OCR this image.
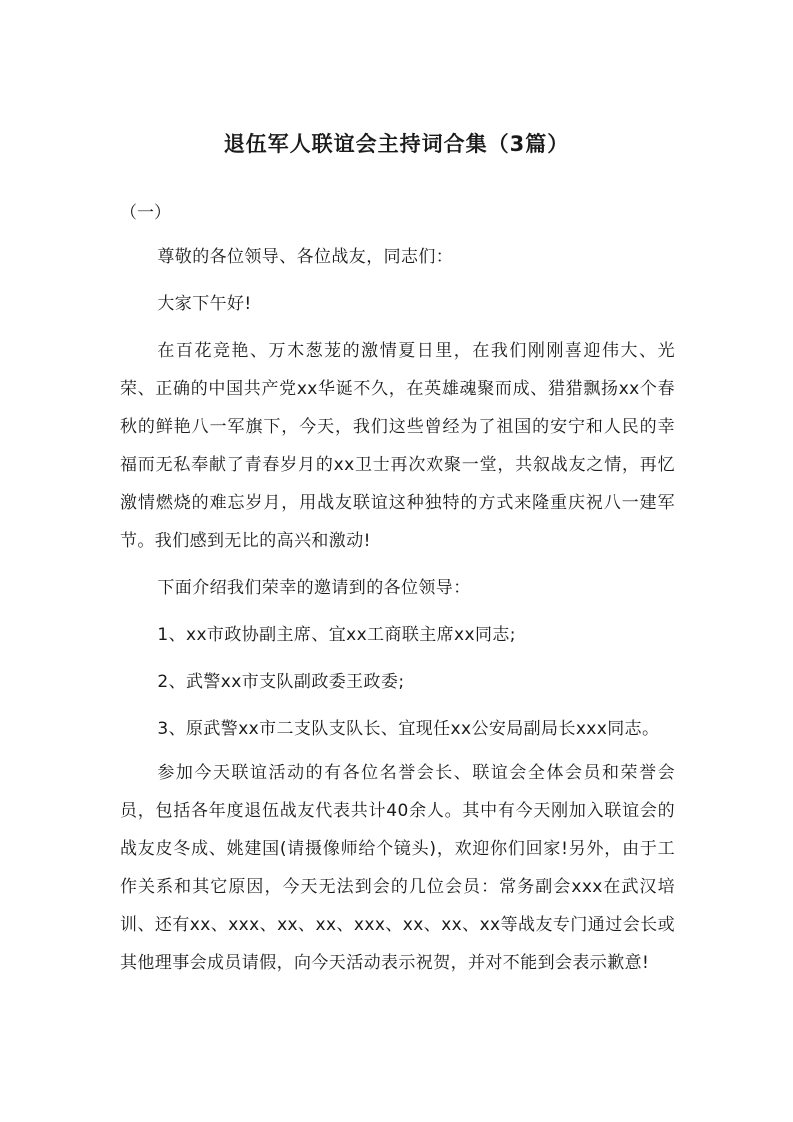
退伍军人联谊会主持词合集（3篇）

（一）

尊敬的各位领导、各位战友，同志们：

大家下午好!

在百花竞艳、万木葱茏的激情夏日里，在我们刚刚喜迎伟大、光荣、正确的中国共产党xx华诞不久，在英雄魂聚而成、猎猎飘扬xx个春秋的鲜艳八一军旗下，今天，我们这些曾经为了祖国的安宁和人民的幸福而无私奉献了青春岁月的xx卫士再次欢聚一堂，共叙战友之情，再忆激情燃烧的难忘岁月，用战友联谊这种独特的方式来隆重庆祝八一建军节。我们感到无比的高兴和激动!

下面介绍我们荣幸的邀请到的各位领导：

1、xx市政协副主席、宜xx工商联主席xx同志;

2、武警xx市支队副政委王政委;

3、原武警xx市二支队支队长、宜现任xx公安局副局长xxx同志。

参加今天联谊活动的有各位名誉会长、联谊会全体会员和荣誉会员，包括各年度退伍战友代表共计40余人。其中有今天刚加入联谊会的战友皮冬成、姚建国(请摄像师给个镜头)，欢迎你们回家!另外，由于工作关系和其它原因，今天无法到会的几位会员：常务副会xxx在武汉培训、还有xx、xxx、xx、xx、xxx、xx、xx、xx等战友专门通过会长或其他理事会成员请假，向今天活动表示祝贺，并对不能到会表示歉意!
